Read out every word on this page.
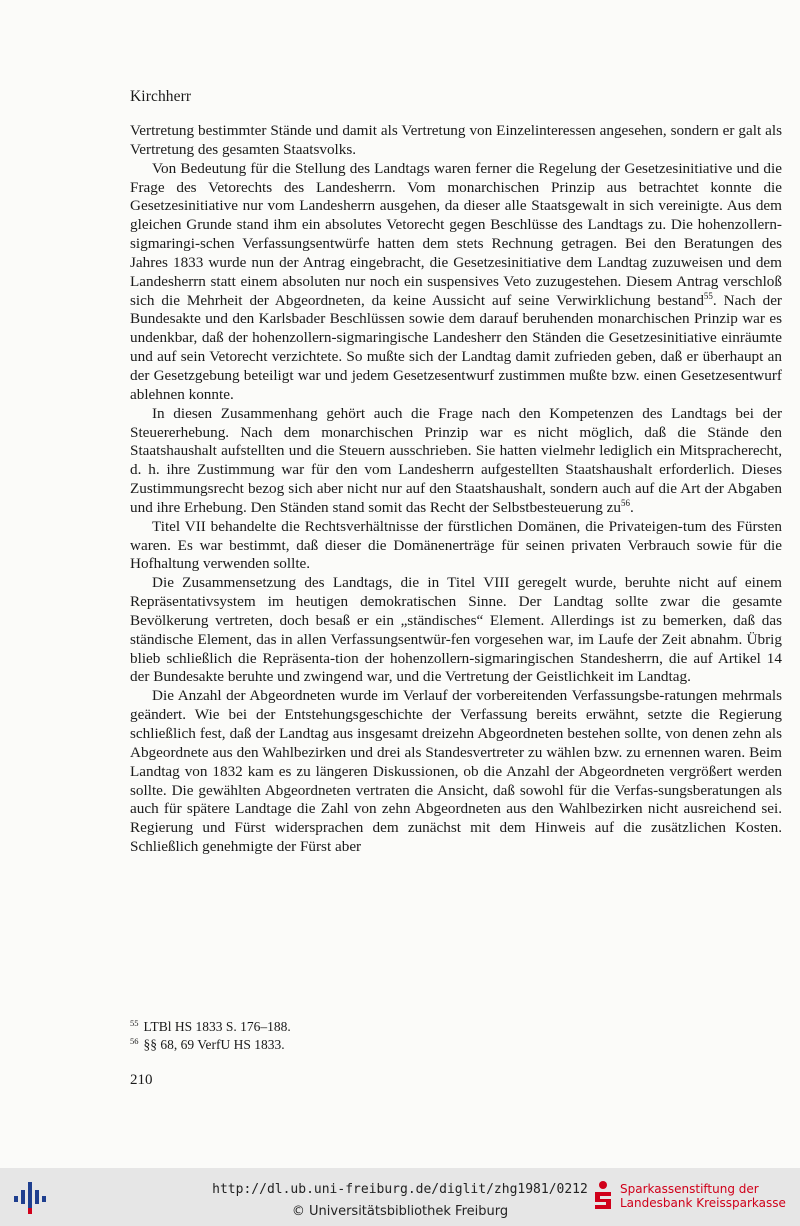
Kirchherr

Vertretung bestimmter Stände und damit als Vertretung von Einzelinteressen angesehen, sondern er galt als Vertretung des gesamten Staatsvolks.

Von Bedeutung für die Stellung des Landtags waren ferner die Regelung der Gesetzesinitiative und die Frage des Vetorechts des Landesherrn. Vom monarchischen Prinzip aus betrachtet konnte die Gesetzesinitiative nur vom Landesherrn ausgehen, da dieser alle Staatsgewalt in sich vereinigte. Aus dem gleichen Grunde stand ihm ein absolutes Vetorecht gegen Beschlüsse des Landtags zu. Die hohenzollern-sigmaringi-schen Verfassungsentwürfe hatten dem stets Rechnung getragen. Bei den Beratungen des Jahres 1833 wurde nun der Antrag eingebracht, die Gesetzesinitiative dem Landtag zuzuweisen und dem Landesherrn statt einem absoluten nur noch ein suspensives Veto zuzugestehen. Diesem Antrag verschloß sich die Mehrheit der Abgeordneten, da keine Aussicht auf seine Verwirklichung bestand$^{55}$. Nach der Bundesakte und den Karlsbader Beschlüssen sowie dem darauf beruhenden monarchischen Prinzip war es undenkbar, daß der hohenzollern-sigmaringische Landesherr den Ständen die Gesetzesinitiative einräumte und auf sein Vetorecht verzichtete. So mußte sich der Landtag damit zufrieden geben, daß er überhaupt an der Gesetzgebung beteiligt war und jedem Gesetzesentwurf zustimmen mußte bzw. einen Gesetzesentwurf ablehnen konnte.

In diesen Zusammenhang gehört auch die Frage nach den Kompetenzen des Landtags bei der Steuererhebung. Nach dem monarchischen Prinzip war es nicht möglich, daß die Stände den Staatshaushalt aufstellten und die Steuern ausschrieben. Sie hatten vielmehr lediglich ein Mitspracherecht, d. h. ihre Zustimmung war für den vom Landesherrn aufgestellten Staatshaushalt erforderlich. Dieses Zustimmungsrecht bezog sich aber nicht nur auf den Staatshaushalt, sondern auch auf die Art der Abgaben und ihre Erhebung. Den Ständen stand somit das Recht der Selbstbesteuerung $zu^{56}$.

Titel VII behandelte die Rechtsverhältnisse der fürstlichen Domänen, die Privateigen-tum des Fürsten waren. Es war bestimmt, daß dieser die Domänenerträge für seinen privaten Verbrauch sowie für die Hofhaltung verwenden sollte.

Die Zusammensetzung des Landtags, die in Titel VIII geregelt wurde, beruhte nicht auf einem Repräsentativsystem im heutigen demokratischen Sinne. Der Landtag sollte zwar die gesamte Bevölkerung vertreten, doch besaß er ein „ständisches“ Element. Allerdings ist zu bemerken, daß das ständische Element, das in allen Verfassungsentwür-fen vorgesehen war, im Laufe der Zeit abnahm. Übrig blieb schließlich die Repräsenta-tion der hohenzollern-sigmaringischen Standesherrn, die auf Artikel 14 der Bundesakte beruhte und zwingend war, und die Vertretung der Geistlichkeit im Landtag.

Die Anzahl der Abgeordneten wurde im Verlauf der vorbereitenden Verfassungsbe-ratungen mehrmals geändert. Wie bei der Entstehungsgeschichte der Verfassung bereits erwähnt, setzte die Regierung schließlich fest, daß der Landtag aus insgesamt dreizehn Abgeordneten bestehen sollte, von denen zehn als Abgeordnete aus den Wahlbezirken und drei als Standesvertreter zu wählen bzw. zu ernennen waren. Beim Landtag von 1832 kam es zu längeren Diskussionen, ob die Anzahl der Abgeordneten vergrößert werden sollte. Die gewählten Abgeordneten vertraten die Ansicht, daß sowohl für die Verfas-sungsberatungen als auch für spätere Landtage die Zahl von zehn Abgeordneten aus den Wahlbezirken nicht ausreichend sei. Regierung und Fürst widersprachen dem zunächst mit dem Hinweis auf die zusätzlichen Kosten. Schließlich genehmigte der Fürst aber

$^{55}$ LTBl HS 1833 S. 176–188.
$^{56}$ §§ 68, 69 VerfU HS 1833.
210
http://dl.ub.uni-freiburg.de/diglit/zhg1981/0212
© Universitätsbibliothek Freiburg
Sparkassenstiftung der
Landesbank Kreissparkasse
